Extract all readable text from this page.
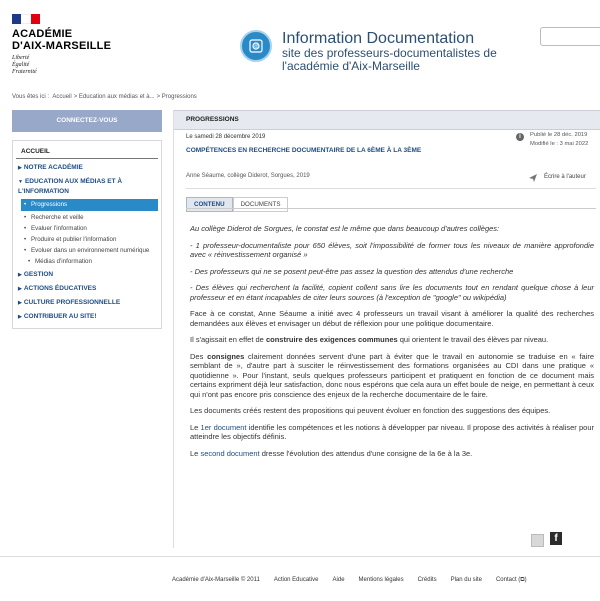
ACADÉMIE
D'AIX-MARSEILLE
Liberté
Égalité
Fraternité
@ Information Documentation
site des professeurs-documentalistes de l'académie d'Aix-Marseille
Vous êtes ici : Accueil > Education aux médias et à... > Progressions
CONNECTEZ-VOUS
ACCUEIL
▶ NOTRE ACADÉMIE
▼ EDUCATION AUX MÉDIAS ET À L'INFORMATION
• Progressions
• Recherche et veille
• Evaluer l'information
• Produire et publier l'information
• Evoluer dans un environnement numérique
• Médias d'information
▶ GESTION
▶ ACTIONS ÉDUCATIVES
▶ CULTURE PROFESSIONNELLE
▶ CONTRIBUER AU SITE!
PROGRESSIONS
Le samedi 28 décembre 2019
COMPÉTENCES EN RECHERCHE DOCUMENTAIRE DE LA 6ÈME À LA 3ÈME
Anne Séaume, collège Diderot, Sorgues, 2019
i	Publié le 28 déc. 2019
Modifié le : 3 mai 2022
Écrire à l'auteur
CONTENU	DOCUMENTS

Au collège Diderot de Sorgues, le constat est le même que dans beaucoup d'autres collèges:

- 1 professeur-documentaliste pour 650 élèves, soit l'impossibilité de former tous les niveaux de manière approfondie avec « réinvestissement organisé »

- Des professeurs qui ne se posent peut-être pas assez la question des attendus d'une recherche

- Des élèves qui recherchent la facilité, copient collent sans lire les documents tout en rendant quelque chose à leur professeur et en étant incapables de citer leurs sources (à l'exception de "google" ou wikipédia)

Face à ce constat, Anne Séaume a initié avec 4 professeurs un travail visant à améliorer la qualité des recherches demandées aux élèves et envisager un début de réflexion pour une politique documentaire.

Il s'agissait en effet de construire des exigences communes qui orientent le travail des élèves par niveau.

Des consignes clairement données servent d'une part à éviter que le travail en autonomie se traduise en « faire semblant de », d'autre part à susciter le réinvestissement des formations organisées au CDI dans une pratique « quotidienne ». Pour l'instant, seuls quelques professeurs participent et pratiquent en fonction de ce document mais certains expriment déjà leur satisfaction, donc nous espérons que cela aura un effet boule de neige, en permettant à ceux qui n'ont pas encore pris conscience des enjeux de la recherche documentaire de le faire.

Les documents créés restent des propositions qui peuvent évoluer en fonction des suggestions des équipes.

Le 1er document identifie les compétences et les notions à développer par niveau. Il propose des activités à réaliser pour atteindre les objectifs définis.

Le second document dresse l'évolution des attendus d'une consigne de la 6e à la 3e.

f
Académie d'Aix-Marseille © 2011 Action Educative Aide Mentions légales Crédits Plan du site Contact (⧉)
